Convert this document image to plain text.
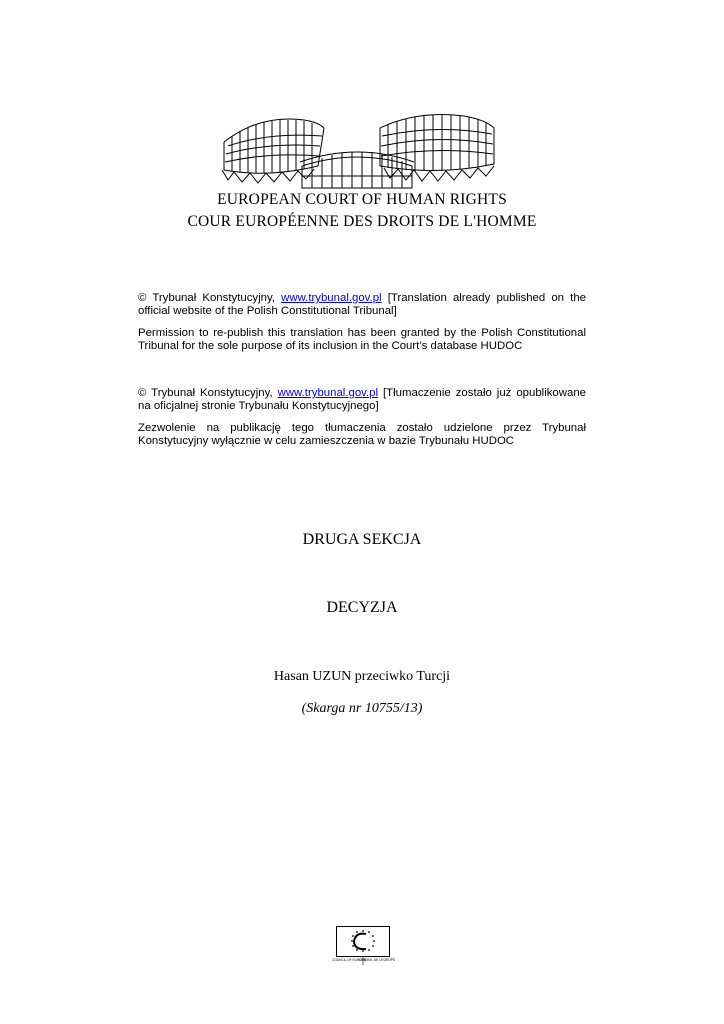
EUROPEAN COURT OF HUMAN RIGHTS
COUR EUROPÉENNE DES DROITS DE L'HOMME
© Trybunał Konstytucyjny, www.trybunal.gov.pl [Translation already published on the official website of the Polish Constitutional Tribunal]
Permission to re-publish this translation has been granted by the Polish Constitutional Tribunal for the sole purpose of its inclusion in the Court’s database HUDOC
© Trybunał Konstytucyjny, www.trybunal.gov.pl [Tłumaczenie zostało już opublikowane na oficjalnej stronie Trybunału Konstytucyjnego]
Zezwolenie na publikację tego tłumaczenia zostało udzielone przez Trybunał Konstytucyjny wyłącznie w celu zamieszczenia w bazie Trybunału HUDOC
DRUGA SEKCJA
DECYZJA
Hasan UZUN przeciwko Turcji
(Skarga nr 10755/13)
COUNCIL OF EUROPE
CONSEIL DE L'EUROPE
